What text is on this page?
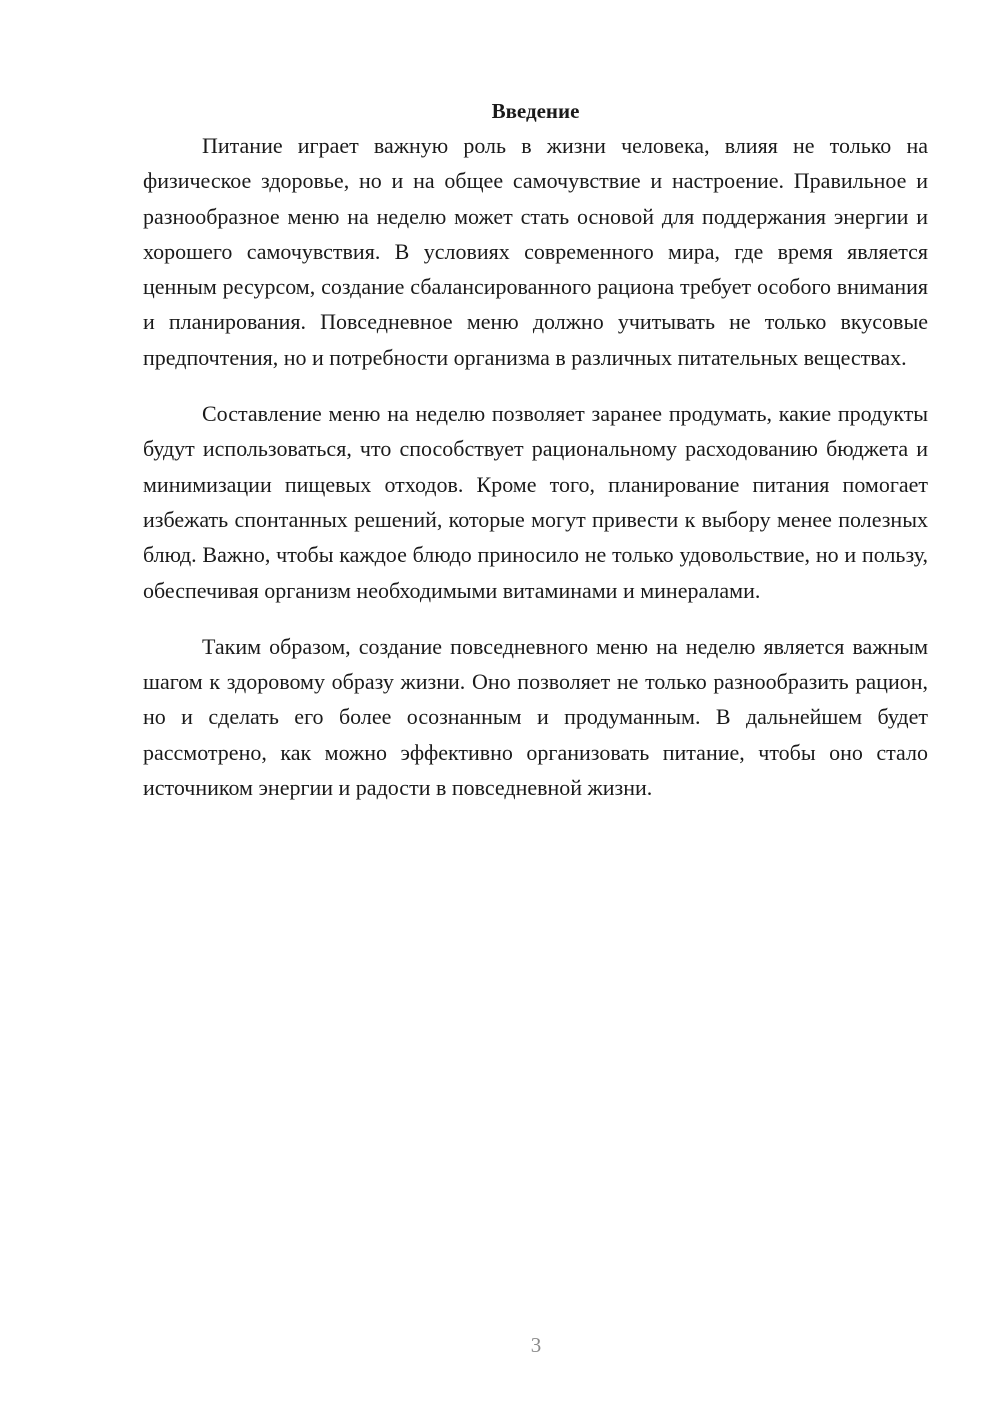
Введение

Питание играет важную роль в жизни человека, влияя не только на физическое здоровье, но и на общее самочувствие и настроение. Правильное и разнообразное меню на неделю может стать основой для поддержания энергии и хорошего самочувствия. В условиях современного мира, где время является ценным ресурсом, создание сбалансированного рациона требует особого внимания и планирования. Повседневное меню должно учитывать не только вкусовые предпочтения, но и потребности организма в различных питательных веществах.

Составление меню на неделю позволяет заранее продумать, какие продукты будут использоваться, что способствует рациональному расходованию бюджета и минимизации пищевых отходов. Кроме того, планирование питания помогает избежать спонтанных решений, которые могут привести к выбору менее полезных блюд. Важно, чтобы каждое блюдо приносило не только удовольствие, но и пользу, обеспечивая организм необходимыми витаминами и минералами.

Таким образом, создание повседневного меню на неделю является важным шагом к здоровому образу жизни. Оно позволяет не только разнообразить рацион, но и сделать его более осознанным и продуманным. В дальнейшем будет рассмотрено, как можно эффективно организовать питание, чтобы оно стало источником энергии и радости в повседневной жизни.

3
